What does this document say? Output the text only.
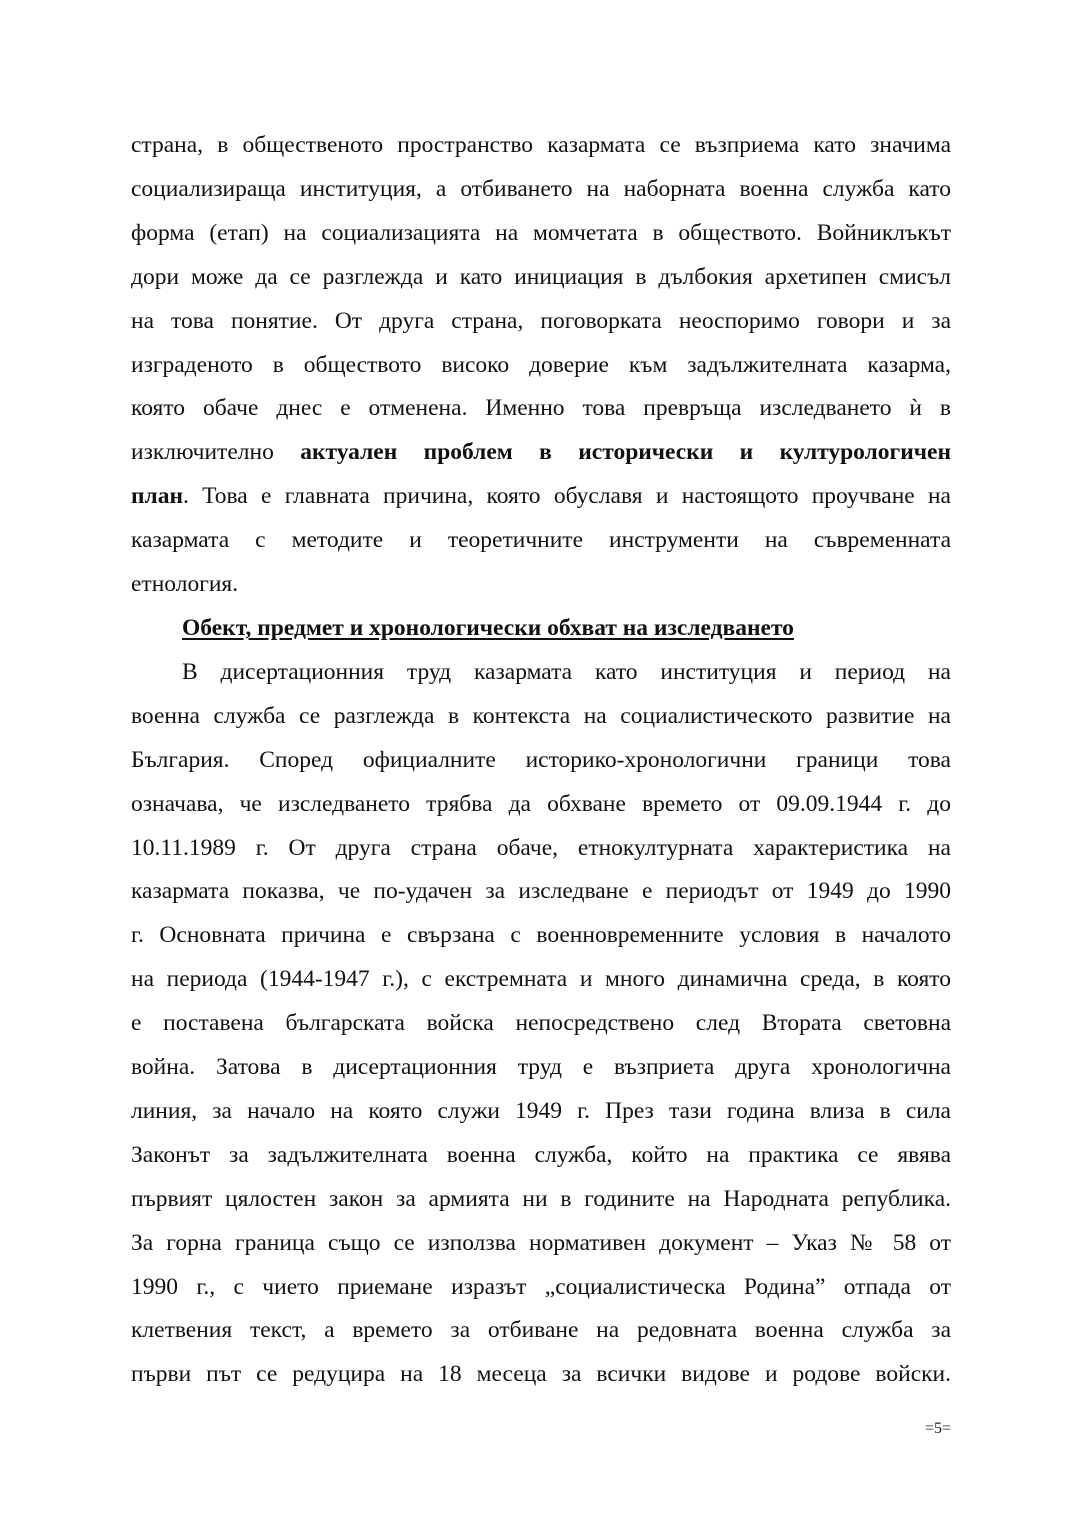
страна, в общественото пространство казармата се възприема като значима
социализираща институция, а отбиването на наборната военна служба като
форма (етап) на социализацията на момчетата в обществото. Войниклъкът
дори може да се разглежда и като инициация в дълбокия архетипен смисъл
на това понятие. От друга страна, поговорката неоспоримо говори и за
изграденото в обществото високо доверие към задължителната казарма,
която обаче днес е отменена. Именно това превръща изследването ѝ в
изключително актуален проблем в исторически и културологичен
план. Това е главната причина, която обуславя и настоящото проучване на
казармата с методите и теоретичните инструменти на съвременната
етнология.

Обект, предмет и хронологически обхват на изследването

В дисертационния труд казармата като институция и период на
военна служба се разглежда в контекста на социалистическото развитие на
България. Според официалните историко-хронологични граници това
означава, че изследването трябва да обхване времето от 09.09.1944 г. до
10.11.1989 г. От друга страна обаче, етнокултурната характеристика на
казармата показва, че по-удачен за изследване е периодът от 1949 до 1990
г. Основната причина е свързана с военновременните условия в началото
на периода (1944-1947 г.), с екстремната и много динамична среда, в която
е поставена българската войска непосредствено след Втората световна
война. Затова в дисертационния труд е възприета друга хронологична
линия, за начало на която служи 1949 г. През тази година влиза в сила
Законът за задължителната военна служба, който на практика се явява
първият цялостен закон за армията ни в годините на Народната република.
За горна граница също се използва нормативен документ – Указ № 58 от
1990 г., с чието приемане изразът „социалистическа Родина” отпада от
клетвения текст, а времето за отбиване на редовната военна служба за
първи път се редуцира на 18 месеца за всички видове и родове войски.
=5=
